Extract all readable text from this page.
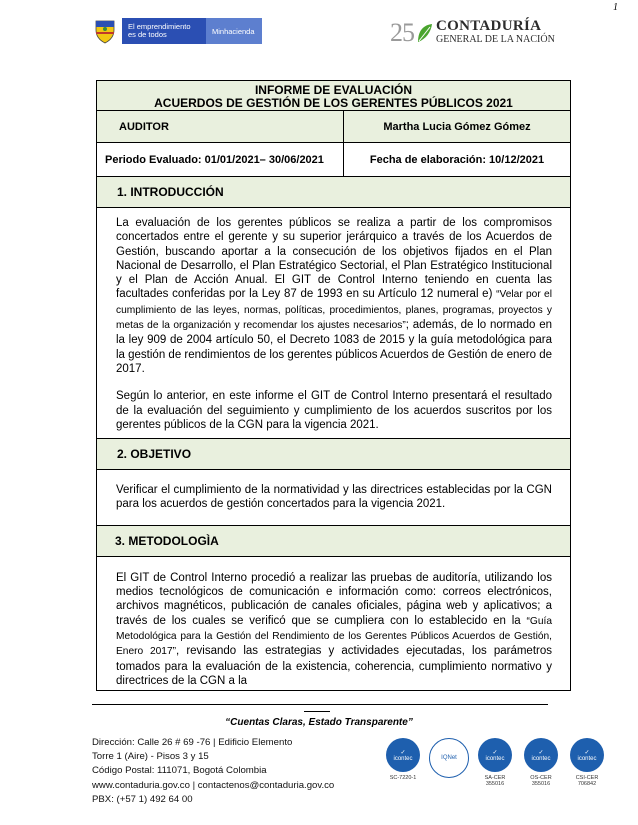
1
El emprendimiento es de todos	Minhacienda	25 CONTADURÍA
GENERAL DE LA NACIÓN
INFORME DE EVALUACIÓN
ACUERDOS DE GESTIÓN DE LOS GERENTES PÚBLICOS 2021
AUDITOR	Martha Lucia Gómez Gómez
Periodo Evaluado: 01/01/2021– 30/06/2021	Fecha de elaboración: 10/12/2021
1. INTRODUCCIÓN

La evaluación de los gerentes públicos se realiza a partir de los compromisos concertados entre el gerente y su superior jerárquico a través de los Acuerdos de Gestión, buscando aportar a la consecución de los objetivos fijados en el Plan Nacional de Desarrollo, el Plan Estratégico Sectorial, el Plan Estratégico Institucional y el Plan de Acción Anual. El GIT de Control Interno teniendo en cuenta las facultades conferidas por la Ley 87 de 1993 en su Artículo 12 numeral e) “Velar por el cumplimiento de las leyes, normas, políticas, procedimientos, planes, programas, proyectos y metas de la organización y recomendar los ajustes necesarios”; además, de lo normado en la ley 909 de 2004 artículo 50, el Decreto 1083 de 2015 y la guía metodológica para la gestión de rendimientos de los gerentes públicos Acuerdos de Gestión de enero de 2017.

Según lo anterior, en este informe el GIT de Control Interno presentará el resultado de la evaluación del seguimiento y cumplimiento de los acuerdos suscritos por los gerentes públicos de la CGN para la vigencia 2021.

2. OBJETIVO

Verificar el cumplimiento de la normatividad y las directrices establecidas por la CGN para los acuerdos de gestión concertados para la vigencia 2021.

3. METODOLOGÌA

El GIT de Control Interno procedió a realizar las pruebas de auditoría, utilizando los medios tecnológicos de comunicación e información como: correos electrónicos, archivos magnéticos, publicación de canales oficiales, página web y aplicativos; a través de los cuales se verificó que se cumpliera con lo establecido en la “Guía Metodológica para la Gestión del Rendimiento de los Gerentes Públicos Acuerdos de Gestión, Enero 2017”, revisando las estrategias y actividades ejecutadas, los parámetros tomados para la evaluación de la existencia, coherencia, cumplimiento normativo y directrices de la CGN a la

“Cuentas Claras, Estado Transparente”
Dirección: Calle 26 # 69 -76 | Edificio Elemento
Torre 1 (Aire) - Pisos 3 y 15
Código Postal: 111071, Bogotá Colombia
www.contaduria.gov.co | contactenos@contaduria.gov.co
PBX: (+57 1) 492 64 00
✓
icontec
SC-7220-1
IQNet
✓
icontec
SA-CER 355016
✓
icontec
OS-CER 355016
✓
icontec
CSI-CER 706842
